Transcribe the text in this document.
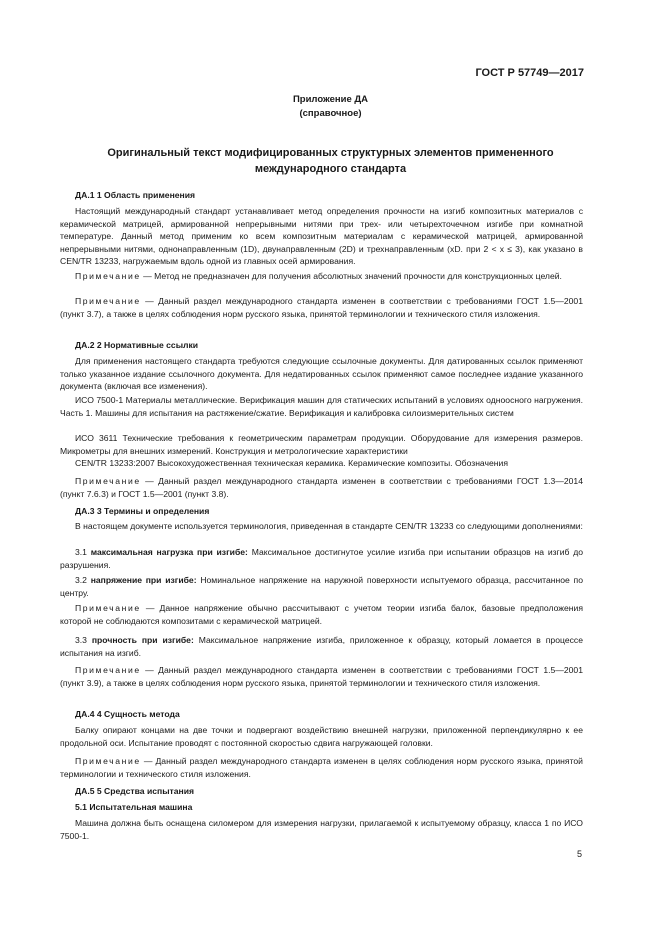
ГОСТ Р 57749—2017
Приложение ДА
(справочное)
Оригинальный текст модифицированных структурных элементов примененного
международного стандарта
ДА.1 1 Область применения
Настоящий международный стандарт устанавливает метод определения прочности на изгиб композитных материалов с керамической матрицей, армированной непрерывными нитями при трех- или четырехточечном изгибе при комнатной температуре. Данный метод применим ко всем композитным материалам с керамической матрицей, армированной непрерывными нитями, однонаправленным (1D), двунаправленным (2D) и трехнаправленным (xD. при 2 < x ≤ 3), как указано в CEN/TR 13233, нагружаемым вдоль одной из главных осей армирования.
Примечание — Метод не предназначен для получения абсолютных значений прочности для конструкционных целей.
Примечание — Данный раздел международного стандарта изменен в соответствии с требованиями ГОСТ 1.5—2001 (пункт 3.7), а также в целях соблюдения норм русского языка, принятой терминологии и технического стиля изложения.
ДА.2 2 Нормативные ссылки
Для применения настоящего стандарта требуются следующие ссылочные документы. Для датированных ссылок применяют только указанное издание ссылочного документа. Для недатированных ссылок применяют самое последнее издание указанного документа (включая все изменения).
ИСО 7500-1 Материалы металлические. Верификация машин для статических испытаний в условиях одноосного нагружения. Часть 1. Машины для испытания на растяжение/сжатие. Верификация и калибровка силоизмерительных систем
ИСО 3611 Технические требования к геометрическим параметрам продукции. Оборудование для измерения размеров. Микрометры для внешних измерений. Конструкция и метрологические характеристики
CEN/TR 13233:2007 Высокохудожественная техническая керамика. Керамические композиты. Обозначения
Примечание — Данный раздел международного стандарта изменен в соответствии с требованиями ГОСТ 1.3—2014 (пункт 7.6.3) и ГОСТ 1.5—2001 (пункт 3.8).
ДА.3 3 Термины и определения
В настоящем документе используется терминология, приведенная в стандарте CEN/TR 13233 со следующими дополнениями:
3.1 максимальная нагрузка при изгибе: Максимальное достигнутое усилие изгиба при испытании образцов на изгиб до разрушения.
3.2 напряжение при изгибе: Номинальное напряжение на наружной поверхности испытуемого образца, рассчитанное по центру.
Примечание — Данное напряжение обычно рассчитывают с учетом теории изгиба балок, базовые предположения которой не соблюдаются композитами с керамической матрицей.
3.3 прочность при изгибе: Максимальное напряжение изгиба, приложенное к образцу, который ломается в процессе испытания на изгиб.
Примечание — Данный раздел международного стандарта изменен в соответствии с требованиями ГОСТ 1.5—2001 (пункт 3.9), а также в целях соблюдения норм русского языка, принятой терминологии и технического стиля изложения.
ДА.4 4 Сущность метода
Балку опирают концами на две точки и подвергают воздействию внешней нагрузки, приложенной перпендикулярно к ее продольной оси. Испытание проводят с постоянной скоростью сдвига нагружающей головки.
Примечание — Данный раздел международного стандарта изменен в целях соблюдения норм русского языка, принятой терминологии и технического стиля изложения.
ДА.5 5 Средства испытания
5.1 Испытательная машина
Машина должна быть оснащена силомером для измерения нагрузки, прилагаемой к испытуемому образцу, класса 1 по ИСО 7500-1.
5
